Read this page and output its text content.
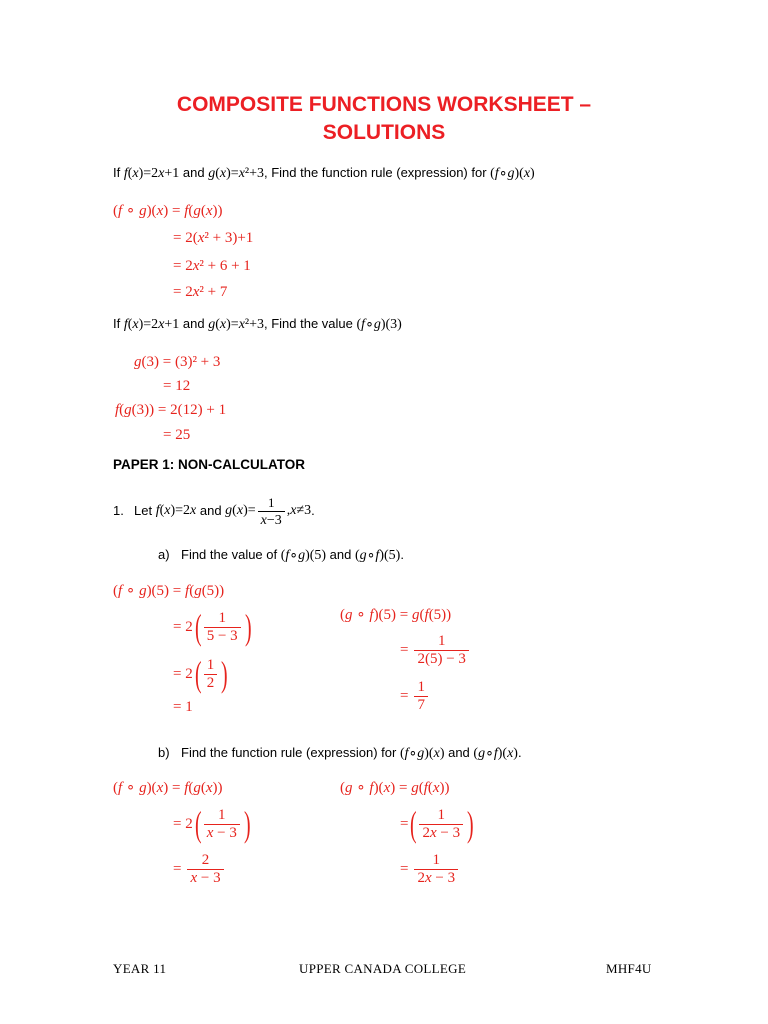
COMPOSITE FUNCTIONS WORKSHEET –
SOLUTIONS
If f(x)=2x+1 and g(x)=x²+3, Find the function rule (expression) for (f∘g)(x)
(f ∘ g)(x) = f(g(x))
= 2(x² + 3)+1
= 2x² + 6 + 1
= 2x² + 7
If f(x)=2x+1 and g(x)=x²+3, Find the value (f∘g)(3)
g(3) = (3)² + 3
= 12
f(g(3)) = 2(12) + 1
= 25
PAPER 1: NON-CALCULATOR
1. Let f(x)=2x and $g(x)= \frac{1}{x-3} ,x\ne 3$ .
a) Find the value of (f∘g)(5) and (g∘f)(5).
(f ∘ g)(5) = f(g(5))
= 2 ( $\frac{1}{5 - 3}$ )
= 2 ( $\frac{1}{2}$ )
= 1
(g ∘ f)(5) = g(f(5))
= $\frac{1}{2(5) - 3}$
= $\frac{1}{7}$
b) Find the function rule (expression) for (f∘g)(x) and (g∘f)(x).
(f ∘ g)(x) = f(g(x))
= 2 ( $\frac{1}{x - 3}$ )
= $\frac{2}{x - 3}$
(g ∘ f)(x) = g(f(x))
= ( $\frac{1}{2x - 3}$ )
= $\frac{1}{2x - 3}$
YEAR 11	UPPER CANADA COLLEGE	MHF4U
